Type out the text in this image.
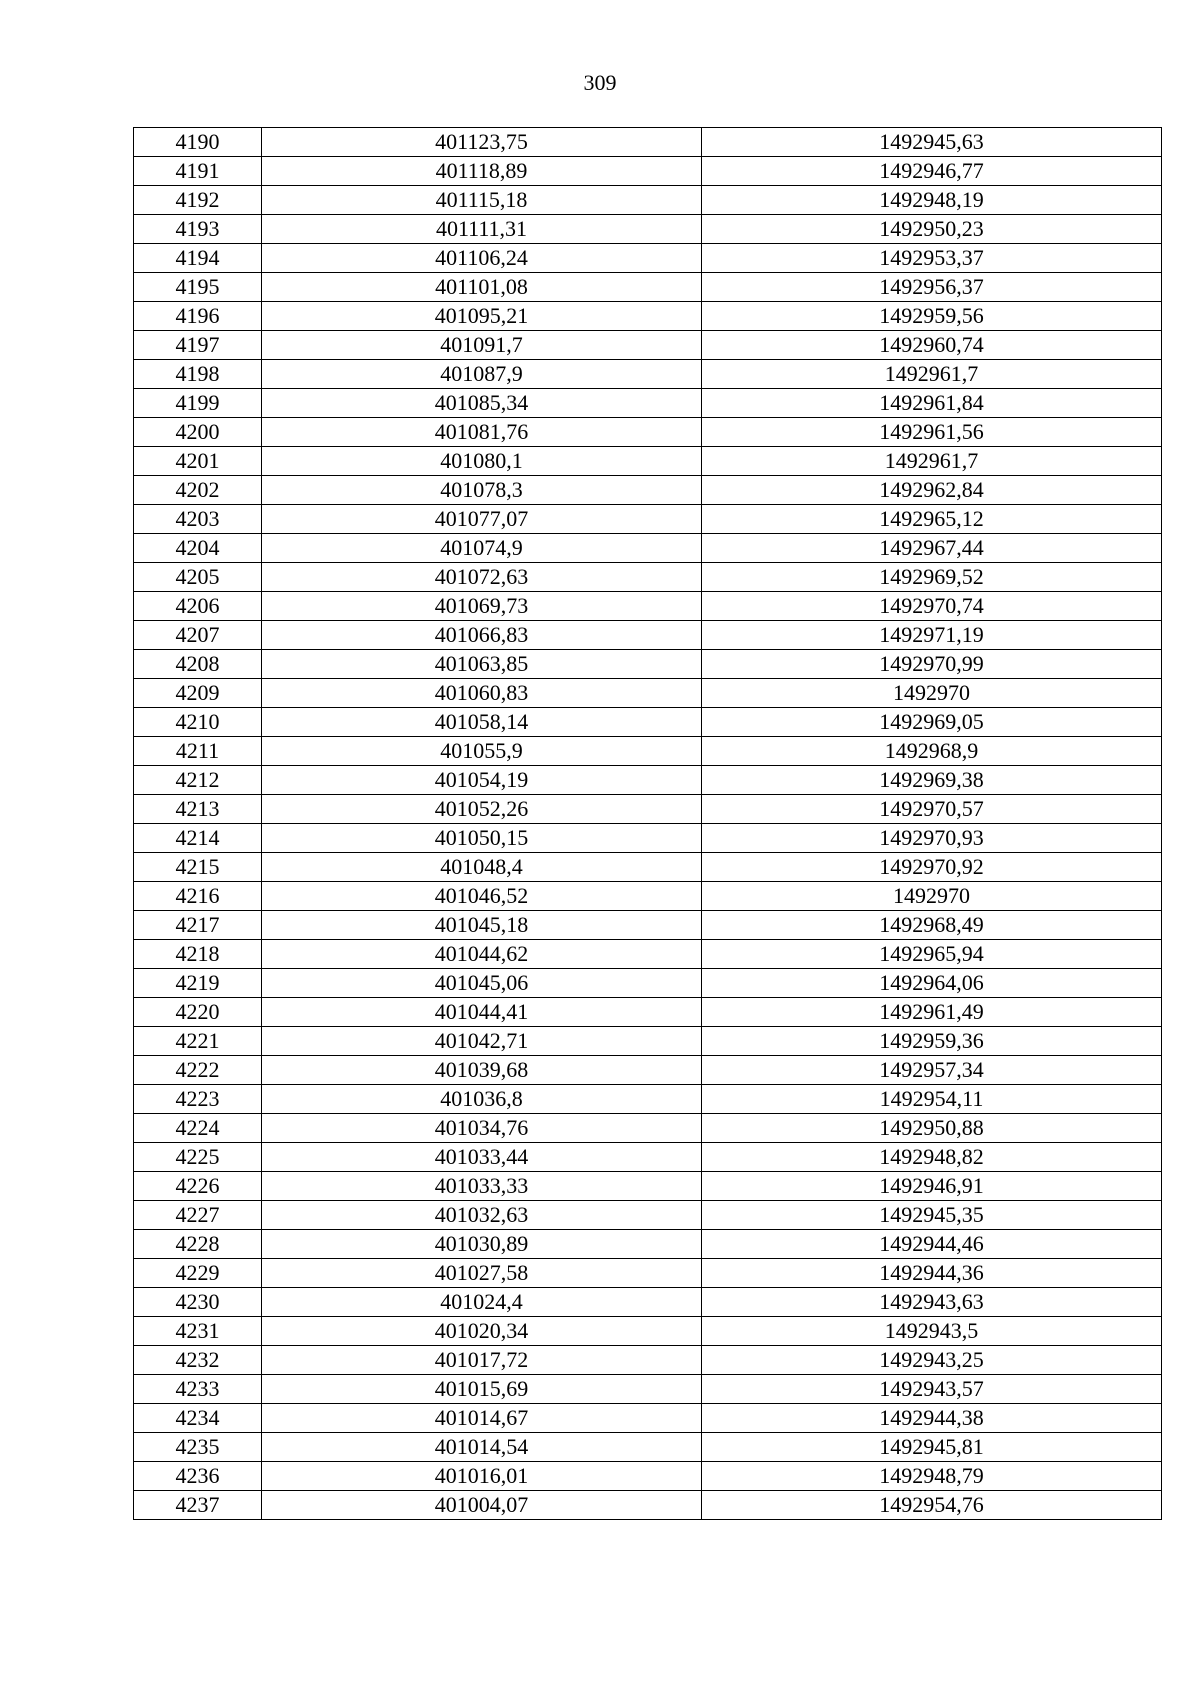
309
4190	401123,75	1492945,63
4191	401118,89	1492946,77
4192	401115,18	1492948,19
4193	401111,31	1492950,23
4194	401106,24	1492953,37
4195	401101,08	1492956,37
4196	401095,21	1492959,56
4197	401091,7	1492960,74
4198	401087,9	1492961,7
4199	401085,34	1492961,84
4200	401081,76	1492961,56
4201	401080,1	1492961,7
4202	401078,3	1492962,84
4203	401077,07	1492965,12
4204	401074,9	1492967,44
4205	401072,63	1492969,52
4206	401069,73	1492970,74
4207	401066,83	1492971,19
4208	401063,85	1492970,99
4209	401060,83	1492970
4210	401058,14	1492969,05
4211	401055,9	1492968,9
4212	401054,19	1492969,38
4213	401052,26	1492970,57
4214	401050,15	1492970,93
4215	401048,4	1492970,92
4216	401046,52	1492970
4217	401045,18	1492968,49
4218	401044,62	1492965,94
4219	401045,06	1492964,06
4220	401044,41	1492961,49
4221	401042,71	1492959,36
4222	401039,68	1492957,34
4223	401036,8	1492954,11
4224	401034,76	1492950,88
4225	401033,44	1492948,82
4226	401033,33	1492946,91
4227	401032,63	1492945,35
4228	401030,89	1492944,46
4229	401027,58	1492944,36
4230	401024,4	1492943,63
4231	401020,34	1492943,5
4232	401017,72	1492943,25
4233	401015,69	1492943,57
4234	401014,67	1492944,38
4235	401014,54	1492945,81
4236	401016,01	1492948,79
4237	401004,07	1492954,76
